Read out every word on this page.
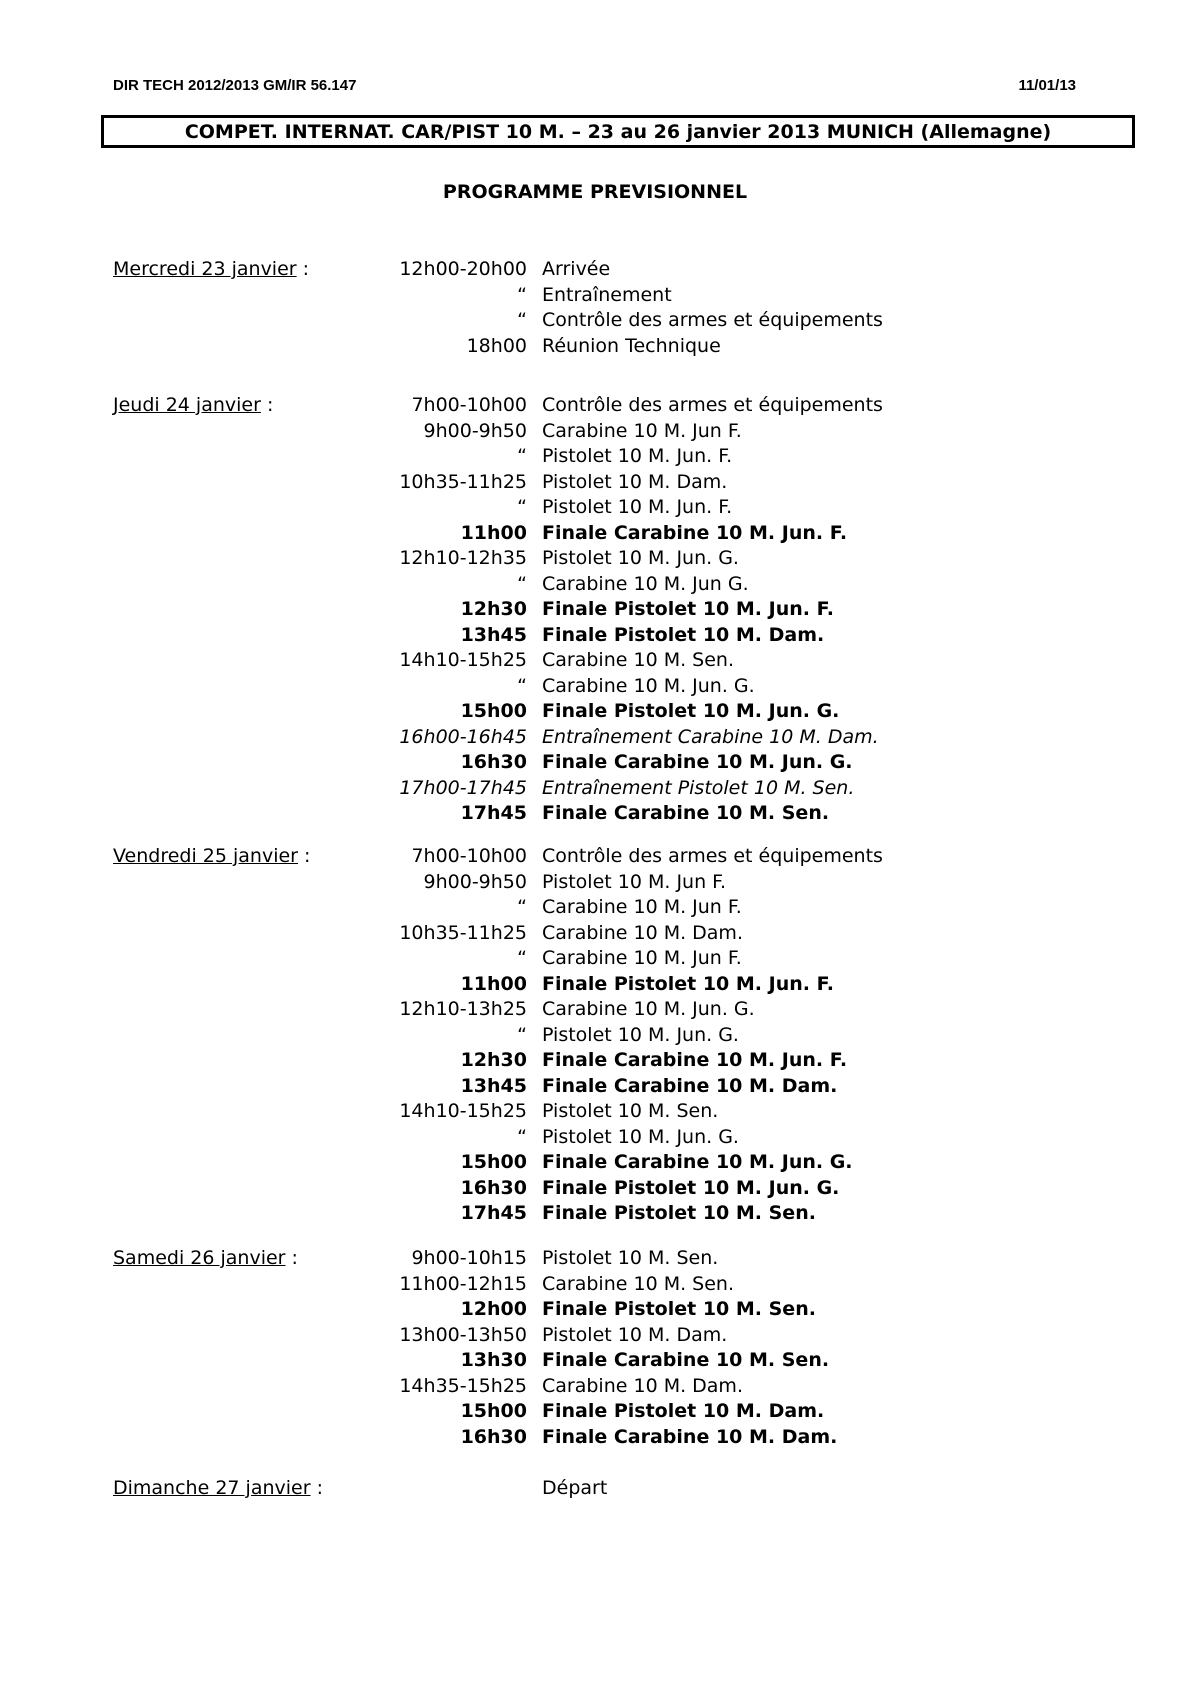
DIR TECH 2012/2013 GM/IR 56.147	11/01/13
COMPET. INTERNAT. CAR/PIST 10 M. – 23 au 26 janvier 2013 MUNICH (Allemagne)
PROGRAMME PREVISIONNEL
Mercredi 23 janvier :	12h00-20h00 Arrivée
“ Entraînement
“ Contrôle des armes et équipements
18h00 Réunion Technique
Jeudi 24 janvier :	7h00-10h00 Contrôle des armes et équipements
9h00-9h50 Carabine 10 M. Jun F.
“ Pistolet 10 M. Jun. F.
10h35-11h25 Pistolet 10 M. Dam.
“ Pistolet 10 M. Jun. F.
11h00 Finale Carabine 10 M. Jun. F.
12h10-12h35 Pistolet 10 M. Jun. G.
“ Carabine 10 M. Jun G.
12h30 Finale Pistolet 10 M. Jun. F.
13h45 Finale Pistolet 10 M. Dam.
14h10-15h25 Carabine 10 M. Sen.
“ Carabine 10 M. Jun. G.
15h00 Finale Pistolet 10 M. Jun. G.
16h00-16h45 Entraînement Carabine 10 M. Dam.
16h30 Finale Carabine 10 M. Jun. G.
17h00-17h45 Entraînement Pistolet 10 M. Sen.
17h45 Finale Carabine 10 M. Sen.
Vendredi 25 janvier :	7h00-10h00 Contrôle des armes et équipements
9h00-9h50 Pistolet 10 M. Jun F.
“ Carabine 10 M. Jun F.
10h35-11h25 Carabine 10 M. Dam.
“ Carabine 10 M. Jun F.
11h00 Finale Pistolet 10 M. Jun. F.
12h10-13h25 Carabine 10 M. Jun. G.
“ Pistolet 10 M. Jun. G.
12h30 Finale Carabine 10 M. Jun. F.
13h45 Finale Carabine 10 M. Dam.
14h10-15h25 Pistolet 10 M. Sen.
“ Pistolet 10 M. Jun. G.
15h00 Finale Carabine 10 M. Jun. G.
16h30 Finale Pistolet 10 M. Jun. G.
17h45 Finale Pistolet 10 M. Sen.
Samedi 26 janvier :	9h00-10h15 Pistolet 10 M. Sen.
11h00-12h15 Carabine 10 M. Sen.
12h00 Finale Pistolet 10 M. Sen.
13h00-13h50 Pistolet 10 M. Dam.
13h30 Finale Carabine 10 M. Sen.
14h35-15h25 Carabine 10 M. Dam.
15h00 Finale Pistolet 10 M. Dam.
16h30 Finale Carabine 10 M. Dam.
Dimanche 27 janvier :	Départ
